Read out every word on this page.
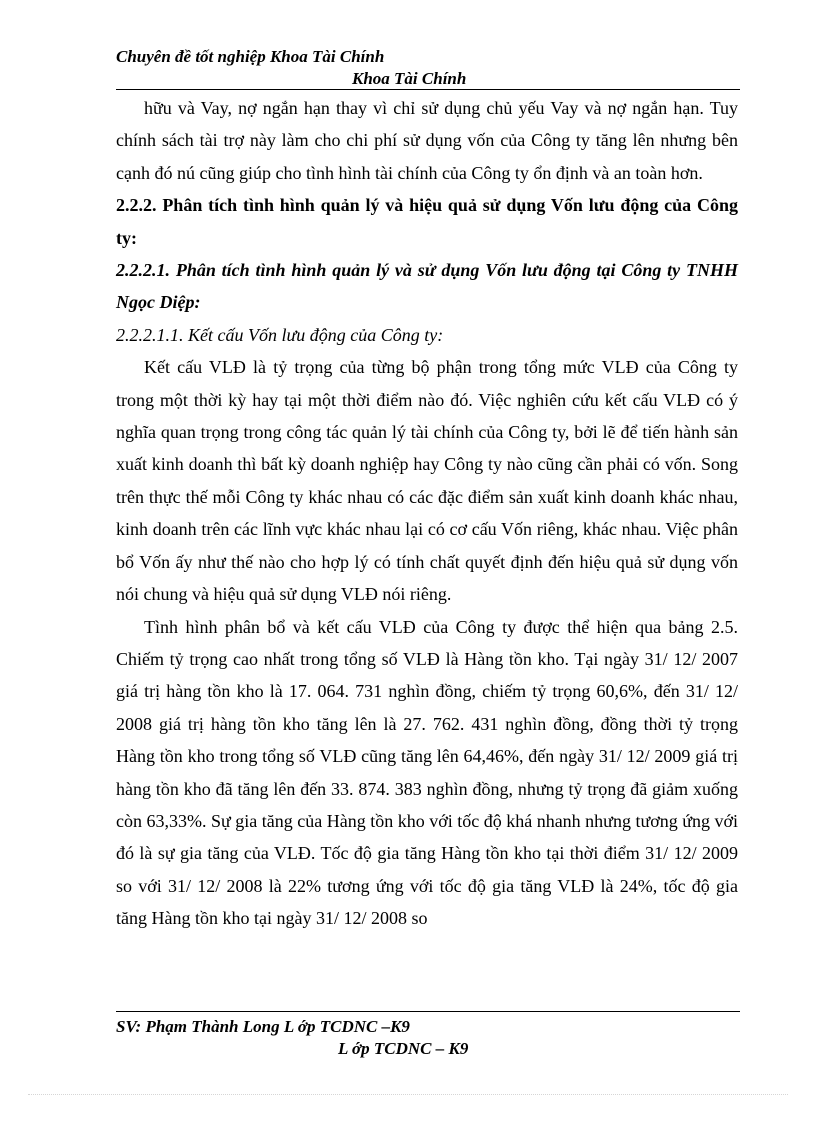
Chuyên đề tốt nghiệp Khoa Tài Chính
Khoa Tài Chính

hữu và Vay, nợ ngắn hạn thay vì chỉ sử dụng chủ yếu Vay và nợ ngắn hạn. Tuy chính sách tài trợ này làm cho chi phí sử dụng vốn của Công ty tăng lên nhưng bên cạnh đó nú cũng giúp cho tình hình tài chính của Công ty ổn định và an toàn hơn.

2.2.2. Phân tích tình hình quản lý và hiệu quả sử dụng Vốn lưu động của Công ty:

2.2.2.1. Phân tích tình hình quản lý và sử dụng Vốn lưu động tại Công ty TNHH Ngọc Diệp:

2.2.2.1.1. Kết cấu Vốn lưu động của Công ty:

Kết cấu VLĐ là tỷ trọng của từng bộ phận trong tổng mức VLĐ của Công ty trong một thời kỳ hay tại một thời điểm nào đó. Việc nghiên cứu kết cấu VLĐ có ý nghĩa quan trọng trong công tác quản lý tài chính của Công ty, bởi lẽ để tiến hành sản xuất kinh doanh thì bất kỳ doanh nghiệp hay Công ty nào cũng cần phải có vốn. Song trên thực thế mỗi Công ty khác nhau có các đặc điểm sản xuất kinh doanh khác nhau, kinh doanh trên các lĩnh vực khác nhau lại có cơ cấu Vốn riêng, khác nhau. Việc phân bổ Vốn ấy như thế nào cho hợp lý có tính chất quyết định đến hiệu quả sử dụng vốn nói chung và hiệu quả sử dụng VLĐ nói riêng.

Tình hình phân bổ và kết cấu VLĐ của Công ty được thể hiện qua bảng 2.5. Chiếm tỷ trọng cao nhất trong tổng số VLĐ là Hàng tồn kho. Tại ngày 31/ 12/ 2007 giá trị hàng tồn kho là 17. 064. 731 nghìn đồng, chiếm tỷ trọng 60,6%, đến 31/ 12/ 2008 giá trị hàng tồn kho tăng lên là 27. 762. 431 nghìn đồng, đồng thời tỷ trọng Hàng tồn kho trong tổng số VLĐ cũng tăng lên 64,46%, đến ngày 31/ 12/ 2009 giá trị hàng tồn kho đã tăng lên đến 33. 874. 383 nghìn đồng, nhưng tỷ trọng đã giảm xuống còn 63,33%. Sự gia tăng của Hàng tồn kho với tốc độ khá nhanh nhưng tương ứng với đó là sự gia tăng của VLĐ. Tốc độ gia tăng Hàng tồn kho tại thời điểm 31/ 12/ 2009 so với 31/ 12/ 2008 là 22% tương ứng với tốc độ gia tăng VLĐ là 24%, tốc độ gia tăng Hàng tồn kho tại ngày 31/ 12/ 2008 so

SV: Phạm Thành Long L ớp TCDNC –K9
L ớp TCDNC – K9
